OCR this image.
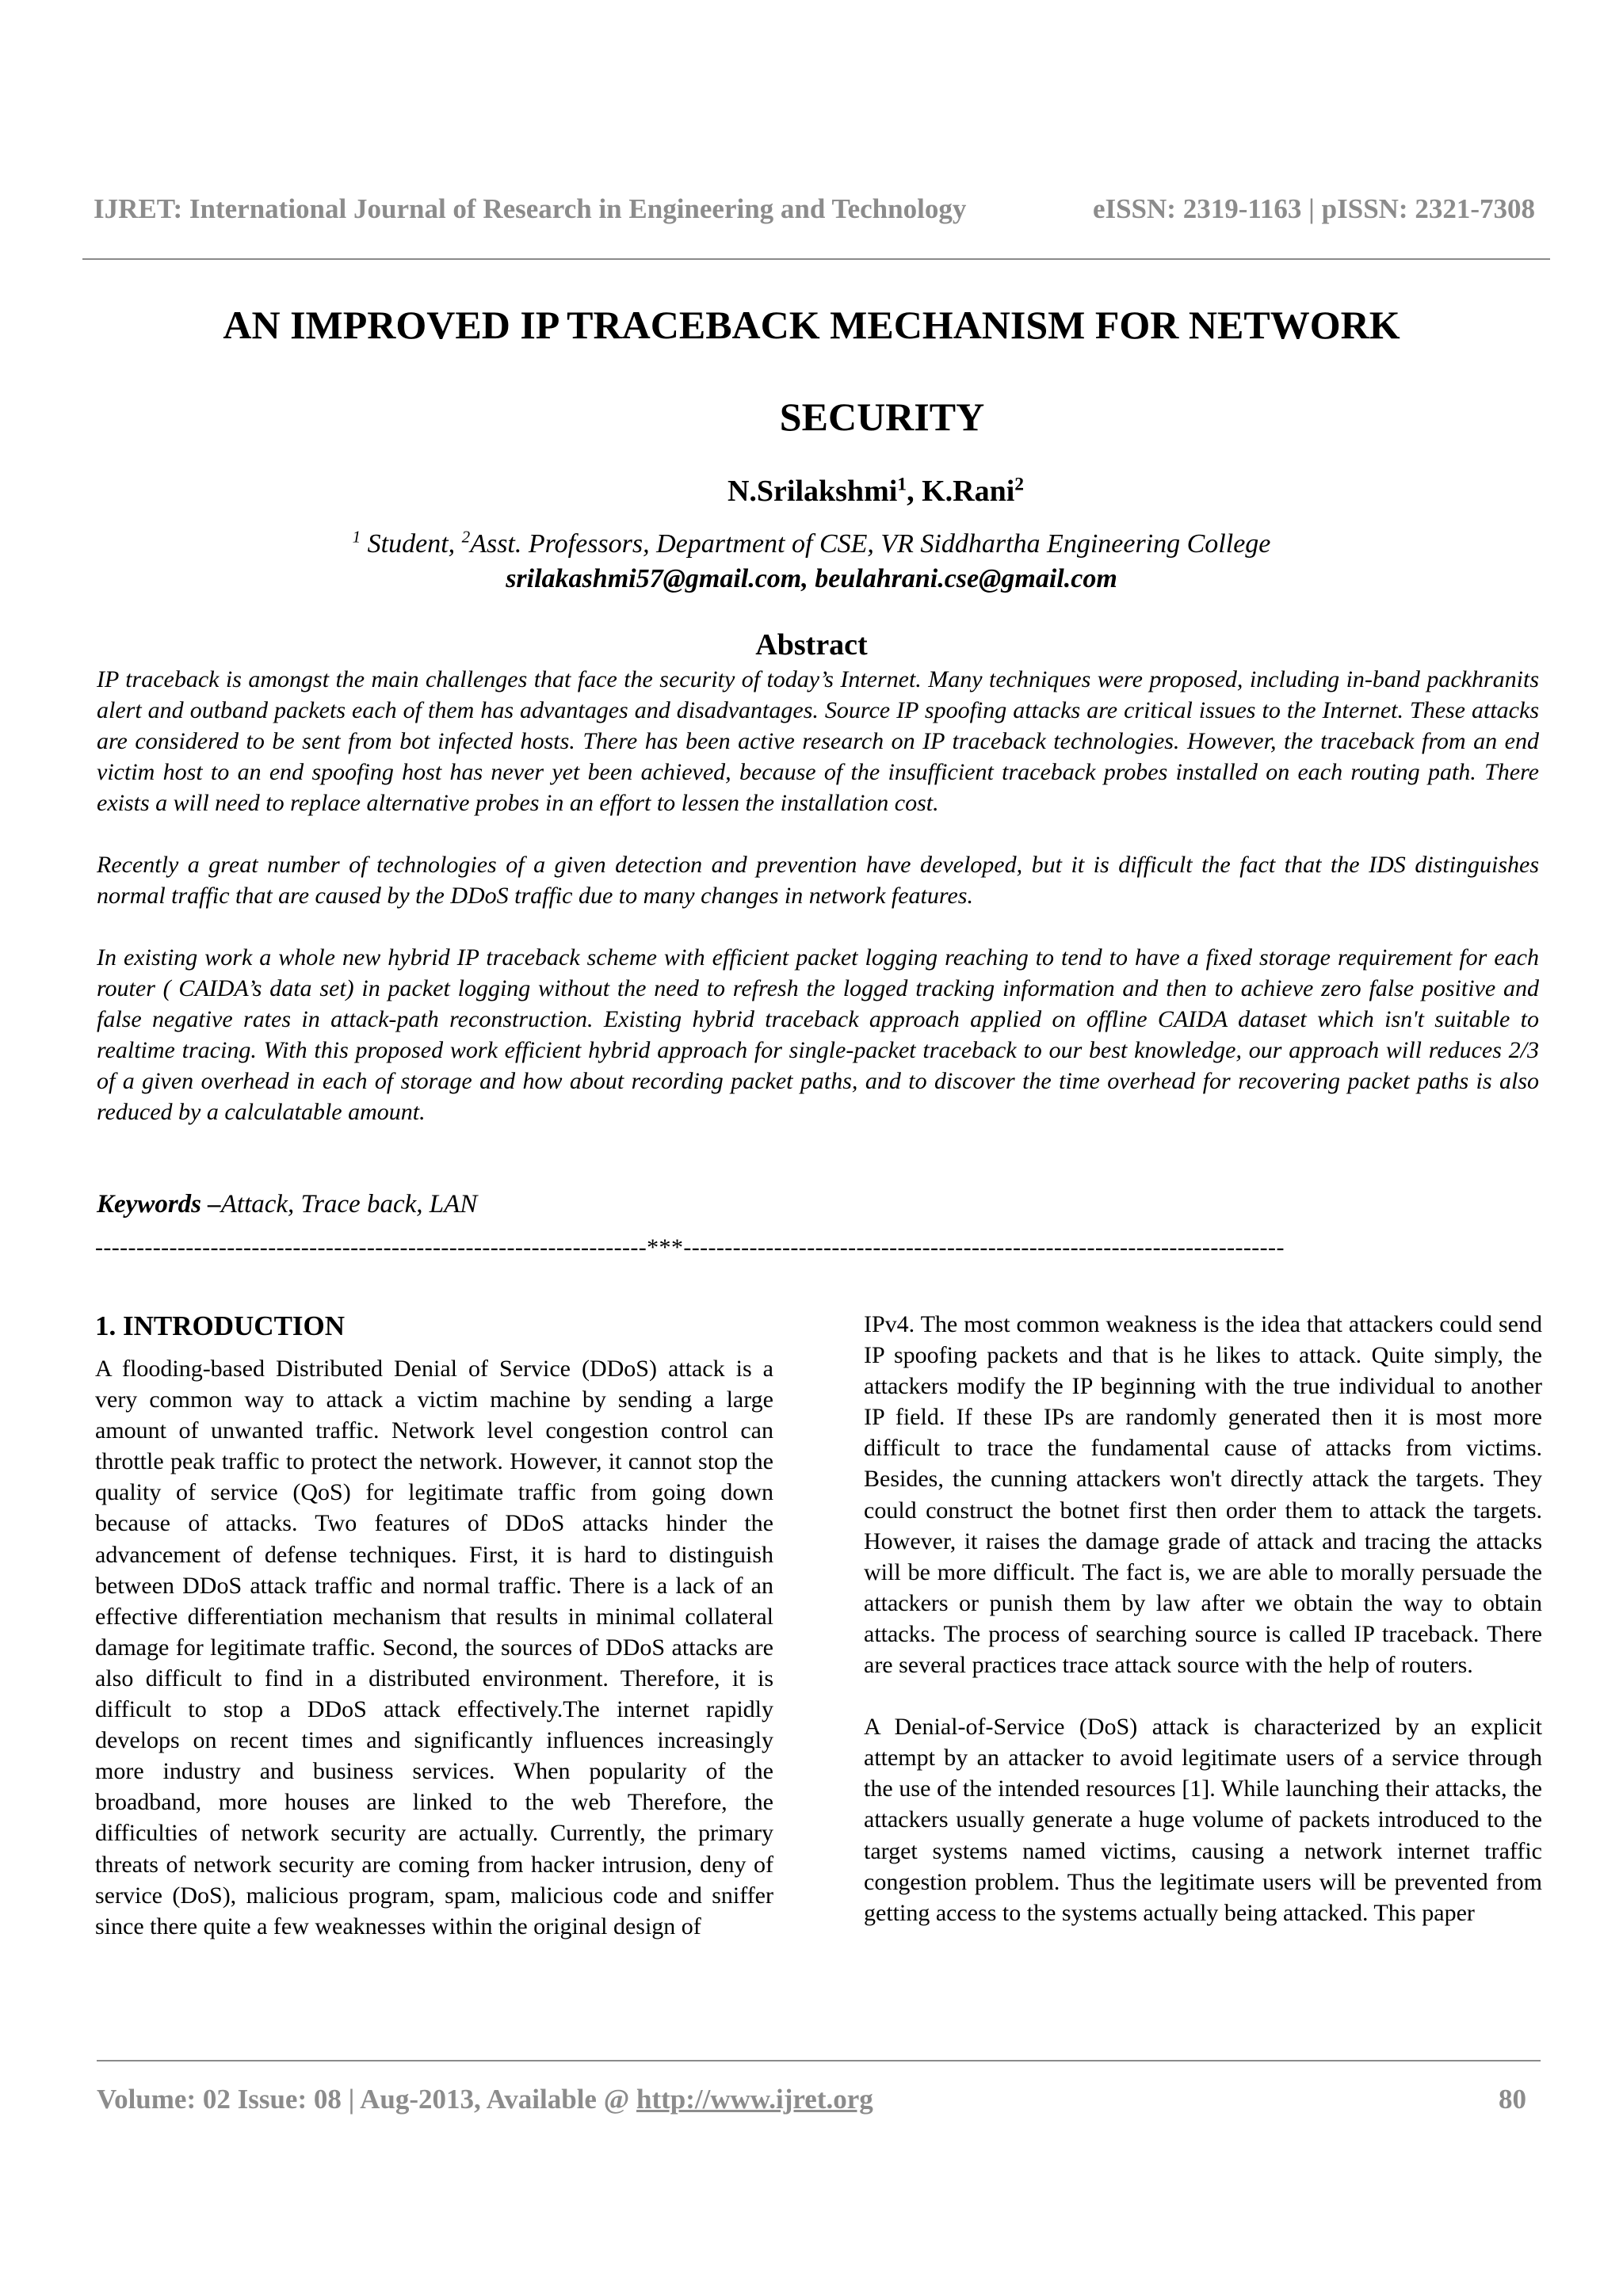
IJRET: International Journal of Research in Engineering and Technology	eISSN: 2319-1163 | pISSN: 2321-7308
AN IMPROVED IP TRACEBACK MECHANISM FOR NETWORK
SECURITY
N.Srilakshmi$^1$, K.Rani$^2$
$^1$ Student, $^2$Asst. Professors, Department of CSE, VR Siddhartha Engineering College
srilakashmi57@gmail.com, beulahrani.cse@gmail.com
Abstract

IP traceback is amongst the main challenges that face the security of today’s Internet. Many techniques were proposed, including in-band packhranits alert and outband packets each of them has advantages and disadvantages. Source IP spoofing attacks are critical issues to the Internet. These attacks are considered to be sent from bot infected hosts. There has been active research on IP traceback technologies. However, the traceback from an end victim host to an end spoofing host has never yet been achieved, because of the insufficient traceback probes installed on each routing path. There exists a will need to replace alternative probes in an effort to lessen the installation cost.

Recently a great number of technologies of a given detection and prevention have developed, but it is difficult the fact that the IDS distinguishes normal traffic that are caused by the DDoS traffic due to many changes in network features.

In existing work a whole new hybrid IP traceback scheme with efficient packet logging reaching to tend to have a fixed storage requirement for each router ( CAIDA’s data set) in packet logging without the need to refresh the logged tracking information and then to achieve zero false positive and false negative rates in attack-path reconstruction. Existing hybrid traceback approach applied on offline CAIDA dataset which isn't suitable to realtime tracing. With this proposed work efficient hybrid approach for single-packet traceback to our best knowledge, our approach will reduces 2/3 of a given overhead in each of storage and how about recording packet paths, and to discover the time overhead for recovering packet paths is also reduced by a calculatable amount.

Keywords –Attack, Trace back, LAN
-------------------------------------------------------------------***-------------------------------------------------------------------------
1. INTRODUCTION

A flooding-based Distributed Denial of Service (DDoS) attack is a very common way to attack a victim machine by sending a large amount of unwanted traffic. Network level congestion control can throttle peak traffic to protect the network. However, it cannot stop the quality of service (QoS) for legitimate traffic from going down because of attacks. Two features of DDoS attacks hinder the advancement of defense techniques. First, it is hard to distinguish between DDoS attack traffic and normal traffic. There is a lack of an effective differentiation mechanism that results in minimal collateral damage for legitimate traffic. Second, the sources of DDoS attacks are also difficult to find in a distributed environment. Therefore, it is difficult to stop a DDoS attack effectively.The internet rapidly develops on recent times and significantly influences increasingly more industry and business services. When popularity of the broadband, more houses are linked to the web Therefore, the difficulties of network security are actually. Currently, the primary threats of network security are coming from hacker intrusion, deny of service (DoS), malicious program, spam, malicious code and sniffer since there quite a few weaknesses within the original design of

IPv4. The most common weakness is the idea that attackers could send IP spoofing packets and that is he likes to attack. Quite simply, the attackers modify the IP beginning with the true individual to another IP field. If these IPs are randomly generated then it is most more difficult to trace the fundamental cause of attacks from victims. Besides, the cunning attackers won't directly attack the targets. They could construct the botnet first then order them to attack the targets. However, it raises the damage grade of attack and tracing the attacks will be more difficult. The fact is, we are able to morally persuade the attackers or punish them by law after we obtain the way to obtain attacks. The process of searching source is called IP traceback. There are several practices trace attack source with the help of routers.

A Denial-of-Service (DoS) attack is characterized by an explicit attempt by an attacker to avoid legitimate users of a service through the use of the intended resources [1]. While launching their attacks, the attackers usually generate a huge volume of packets introduced to the target systems named victims, causing a network internet traffic congestion problem. Thus the legitimate users will be prevented from getting access to the systems actually being attacked. This paper

Volume: 02 Issue: 08 | Aug-2013, Available @ http://www.ijret.org	80
